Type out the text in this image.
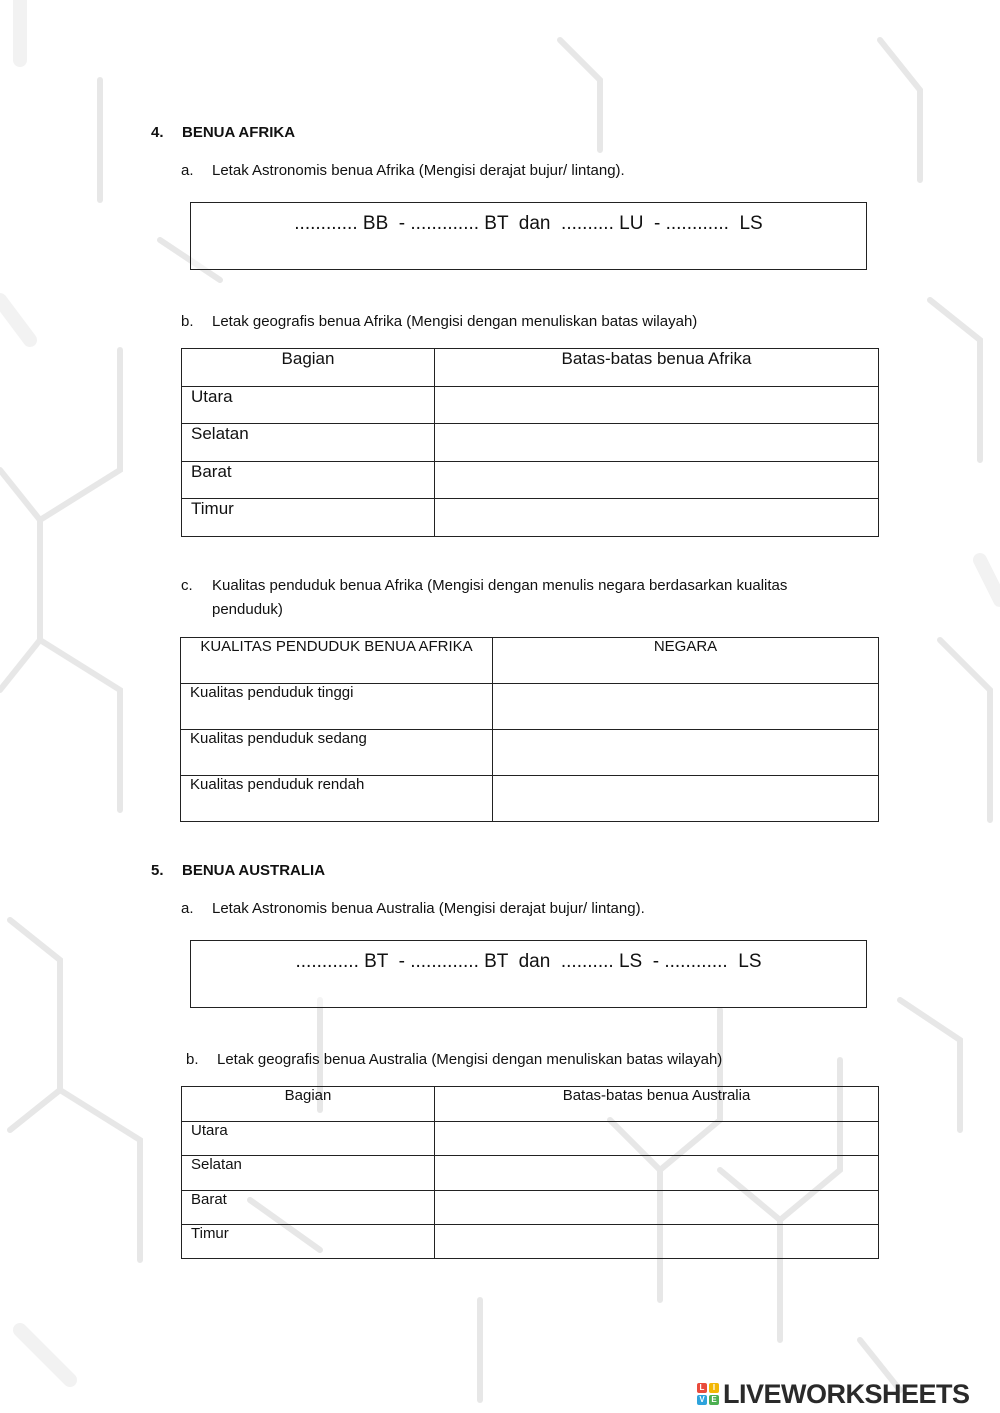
4. BENUA AFRIKA
a. Letak Astronomis benua Afrika (Mengisi derajat bujur/ lintang).
............ BB  - ............. BT  dan  .......... LU  - ............  LS
b. Letak geografis benua Afrika (Mengisi dengan menuliskan batas wilayah)
Bagian	Batas-batas benua Afrika
Utara	
Selatan	
Barat	
Timur	
c.	Kualitas penduduk benua Afrika (Mengisi dengan menulis negara berdasarkan kualitas
penduduk)
KUALITAS PENDUDUK BENUA AFRIKA	NEGARA
Kualitas penduduk tinggi	
Kualitas penduduk sedang	
Kualitas penduduk rendah	
5. BENUA AUSTRALIA
a. Letak Astronomis benua Australia (Mengisi derajat bujur/ lintang).
............ BT  - ............. BT  dan  .......... LS  - ............  LS
b. Letak geografis benua Australia (Mengisi dengan menuliskan batas wilayah)
Bagian	Batas-batas benua Australia
Utara	
Selatan	
Barat	
Timur	
L	I
V E LIVEWORKSHEETS
